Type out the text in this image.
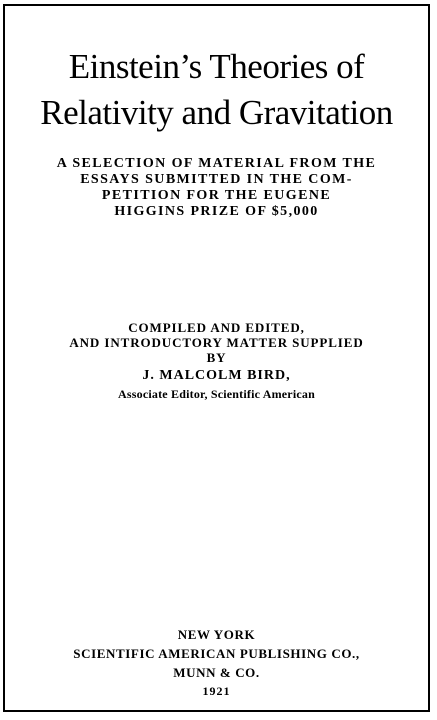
Einstein’s Theories of
Relativity and Gravitation
A SELECTION OF MATERIAL FROM THE
ESSAYS SUBMITTED IN THE COM-
PETITION FOR THE EUGENE
HIGGINS PRIZE OF $5,000
COMPILED AND EDITED,
AND INTRODUCTORY MATTER SUPPLIED
BY
J. MALCOLM BIRD,
Associate Editor, Scientific American
NEW YORK
SCIENTIFIC AMERICAN PUBLISHING CO.,
MUNN & CO.
1921
